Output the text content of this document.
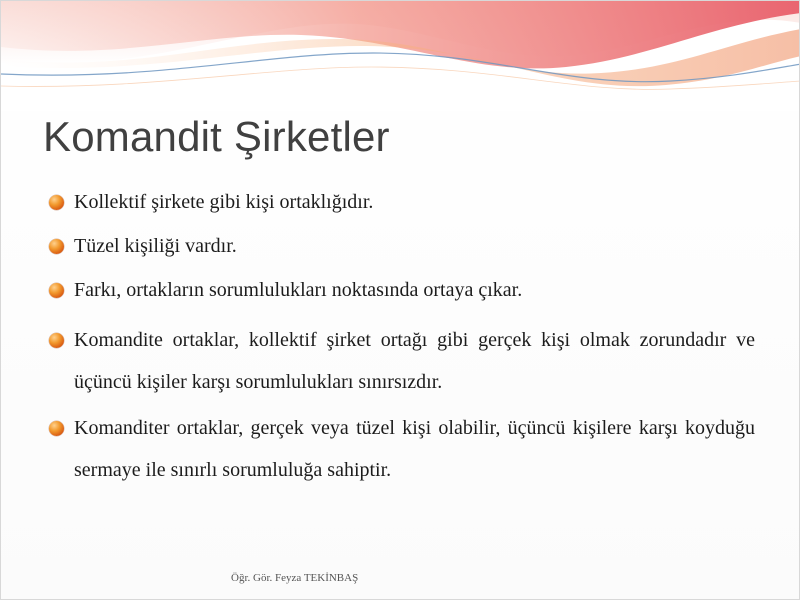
Komandit Şirketler
Kollektif şirkete gibi kişi ortaklığıdır.
Tüzel kişiliği vardır.
Farkı, ortakların sorumlulukları noktasında ortaya çıkar.
Komandite ortaklar, kollektif şirket ortağı gibi gerçek kişi olmak zorundadır ve üçüncü kişiler karşı sorumlulukları sınırsızdır.
Komanditer ortaklar, gerçek veya tüzel kişi olabilir, üçüncü kişilere karşı koyduğu sermaye ile sınırlı sorumluluğa sahiptir.
Öğr. Gör. Feyza TEKİNBAŞ
